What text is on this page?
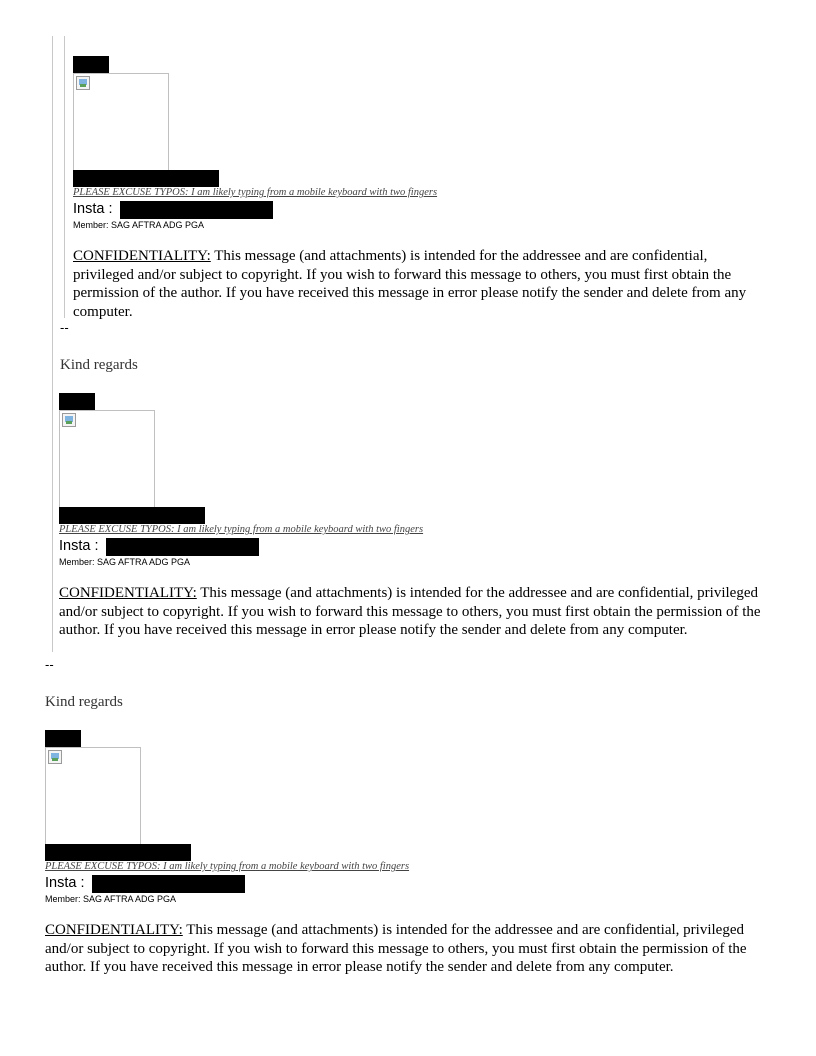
PLEASE EXCUSE TYPOS: I am likely typing from a mobile keyboard with two fingers
Insta :
Member: SAG AFTRA ADG PGA
CONFIDENTIALITY: This message (and attachments) is intended for the addressee and are confidential, privileged and/or subject to copyright. If you wish to forward this message to others, you must first obtain the permission of the author. If you have received this message in error please notify the sender and delete from any computer.
--
Kind regards
PLEASE EXCUSE TYPOS: I am likely typing from a mobile keyboard with two fingers
Insta :
Member: SAG AFTRA ADG PGA
CONFIDENTIALITY: This message (and attachments) is intended for the addressee and are confidential, privileged and/or subject to copyright. If you wish to forward this message to others, you must first obtain the permission of the author. If you have received this message in error please notify the sender and delete from any computer.
--
Kind regards
PLEASE EXCUSE TYPOS: I am likely typing from a mobile keyboard with two fingers
Insta :
Member: SAG AFTRA ADG PGA
CONFIDENTIALITY: This message (and attachments) is intended for the addressee and are confidential, privileged and/or subject to copyright. If you wish to forward this message to others, you must first obtain the permission of the author. If you have received this message in error please notify the sender and delete from any computer.
